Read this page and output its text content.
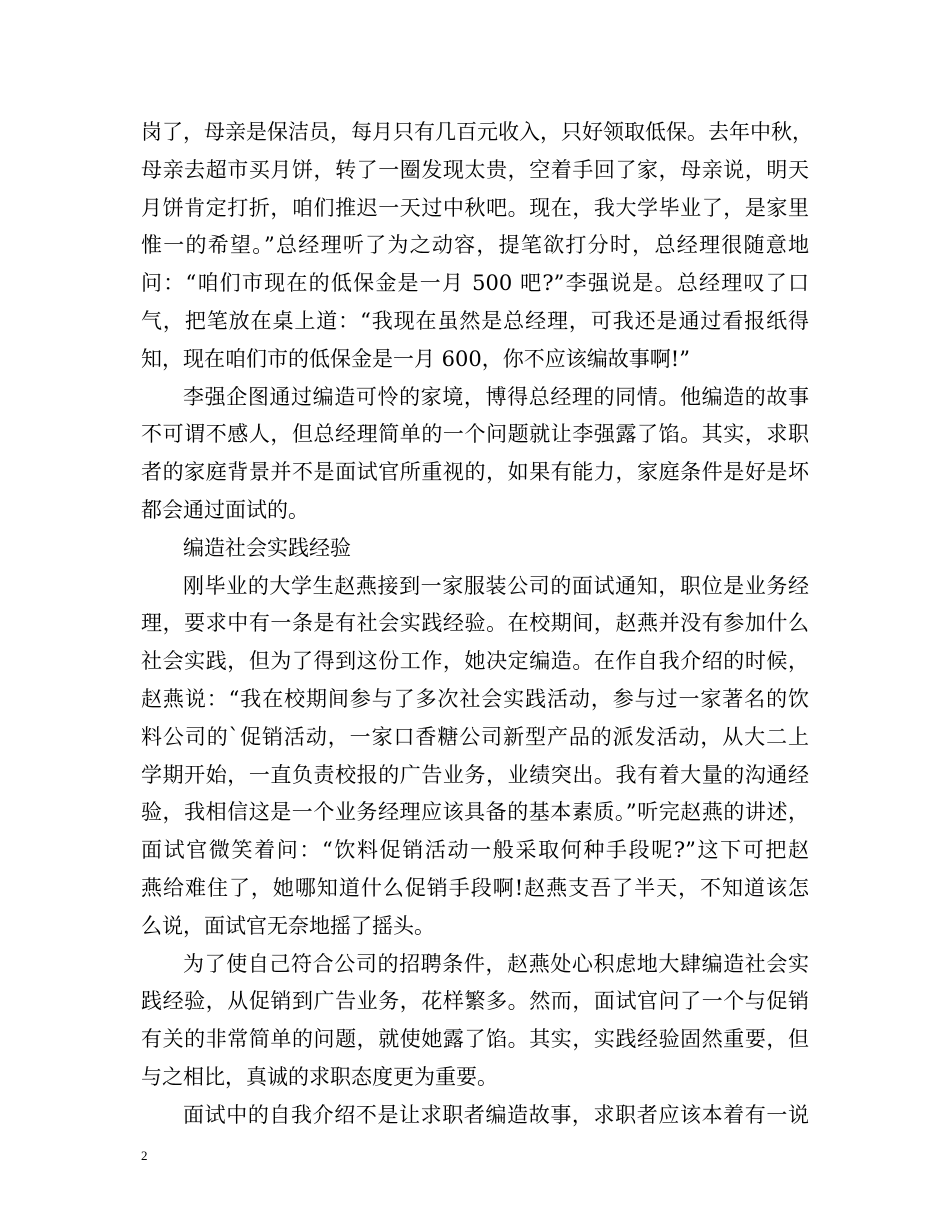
岗了，母亲是保洁员，每月只有几百元收入，只好领取低保。去年中秋，
母亲去超市买月饼，转了一圈发现太贵，空着手回了家，母亲说，明天
月饼肯定打折，咱们推迟一天过中秋吧。现在，我大学毕业了，是家里
惟一的希望。”总经理听了为之动容，提笔欲打分时，总经理很随意地
问：“咱们市现在的低保金是一月 500 吧?”李强说是。总经理叹了口
气，把笔放在桌上道：“我现在虽然是总经理，可我还是通过看报纸得
知，现在咱们市的低保金是一月 600，你不应该编故事啊!”
李强企图通过编造可怜的家境，博得总经理的同情。他编造的故事
不可谓不感人，但总经理简单的一个问题就让李强露了馅。其实，求职
者的家庭背景并不是面试官所重视的，如果有能力，家庭条件是好是坏
都会通过面试的。
编造社会实践经验
刚毕业的大学生赵燕接到一家服装公司的面试通知，职位是业务经
理，要求中有一条是有社会实践经验。在校期间，赵燕并没有参加什么
社会实践，但为了得到这份工作，她决定编造。在作自我介绍的时候，
赵燕说：“我在校期间参与了多次社会实践活动，参与过一家著名的饮
料公司的`促销活动，一家口香糖公司新型产品的派发活动，从大二上
学期开始，一直负责校报的广告业务，业绩突出。我有着大量的沟通经
验，我相信这是一个业务经理应该具备的基本素质。”听完赵燕的讲述，
面试官微笑着问：“饮料促销活动一般采取何种手段呢?”这下可把赵
燕给难住了，她哪知道什么促销手段啊!赵燕支吾了半天，不知道该怎
么说，面试官无奈地摇了摇头。
为了使自己符合公司的招聘条件，赵燕处心积虑地大肆编造社会实
践经验，从促销到广告业务，花样繁多。然而，面试官问了一个与促销
有关的非常简单的问题，就使她露了馅。其实，实践经验固然重要，但
与之相比，真诚的求职态度更为重要。
面试中的自我介绍不是让求职者编造故事，求职者应该本着有一说
2
